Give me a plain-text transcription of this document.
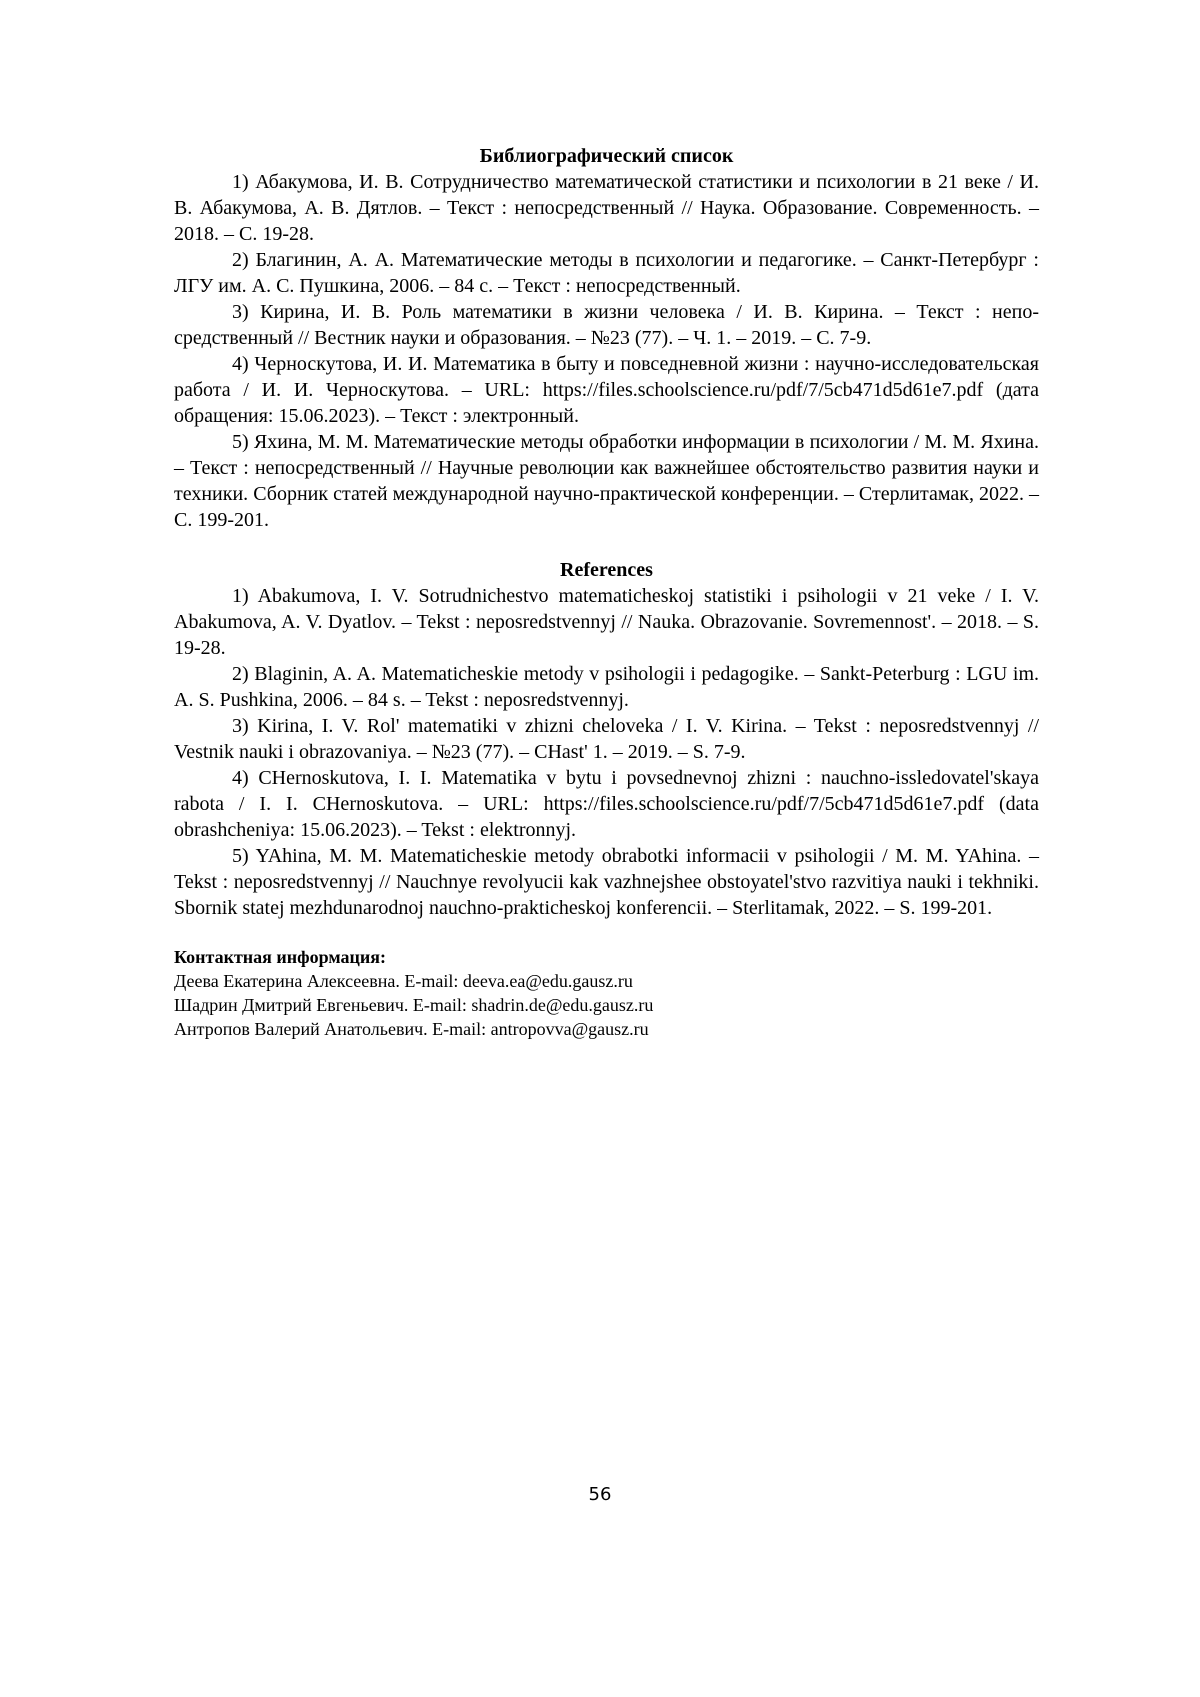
Библиографический список

1) Абакумова, И. В. Сотрудничество математической статистики и психологии в 21 веке / И. В. Абакумова, А. В. Дятлов. – Текст : непосредственный // Наука. Образование. Современность. – 2018. – С. 19-28.

2) Благинин, А. А. Математические методы в психологии и педагогике. – Санкт-Петербург : ЛГУ им. А. С. Пушкина, 2006. – 84 с. – Текст : непосредственный.

3) Кирина, И. В. Роль математики в жизни человека / И. В. Кирина. – Текст : непосредственный // Вестник науки и образования. – №23 (77). – Ч. 1. – 2019. – С. 7-9.

4) Черноскутова, И. И. Математика в быту и повседневной жизни : научно-исследовательская работа / И. И. Черноскутова. – URL: https://files.schoolscience.ru/pdf/7/5cb471d5d61e7.pdf (дата обращения: 15.06.2023). – Текст : электронный.

5) Яхина, М. М. Математические методы обработки информации в психологии / М. М. Яхина. – Текст : непосредственный // Научные революции как важнейшее обстоятельство развития науки и техники. Сборник статей международной научно-практической конференции. – Стерлитамак, 2022. – С. 199-201.

References

1) Abakumova, I. V. Sotrudnichestvo matematicheskoj statistiki i psihologii v 21 veke / I. V. Abakumova, A. V. Dyatlov. – Tekst : neposredstvennyj // Nauka. Obrazovanie. Sovremennost'. – 2018. – S. 19-28.

2) Blaginin, A. A. Matematicheskie metody v psihologii i pedagogike. – Sankt-Peterburg : LGU im. A. S. Pushkina, 2006. – 84 s. – Tekst : neposredstvennyj.

3) Kirina, I. V. Rol' matematiki v zhizni cheloveka / I. V. Kirina. – Tekst : neposredstvennyj // Vestnik nauki i obrazovaniya. – №23 (77). – CHast' 1. – 2019. – S. 7-9.

4) CHernoskutova, I. I. Matematika v bytu i povsednevnoj zhizni : nauchno-issledovatel'skaya rabota / I. I. CHernoskutova. – URL: https://files.schoolscience.ru/pdf/7/5cb471d5d61e7.pdf (data obrashcheniya: 15.06.2023). – Tekst : elektronnyj.

5) YAhina, M. M. Matematicheskie metody obrabotki informacii v psihologii / M. M. YAhina. – Tekst : neposredstvennyj // Nauchnye revolyucii kak vazhnejshee obstoyatel'stvo razvitiya nauki i tekhniki. Sbornik statej mezhdunarodnoj nauchno-prakticheskoj konferencii. – Sterlitamak, 2022. – S. 199-201.

Контактная информация:

Деева Екатерина Алексеевна. E-mail: deeva.ea@edu.gausz.ru

Шадрин Дмитрий Евгеньевич. E-mail: shadrin.de@edu.gausz.ru

Антропов Валерий Анатольевич. E-mail: antropovva@gausz.ru

56
